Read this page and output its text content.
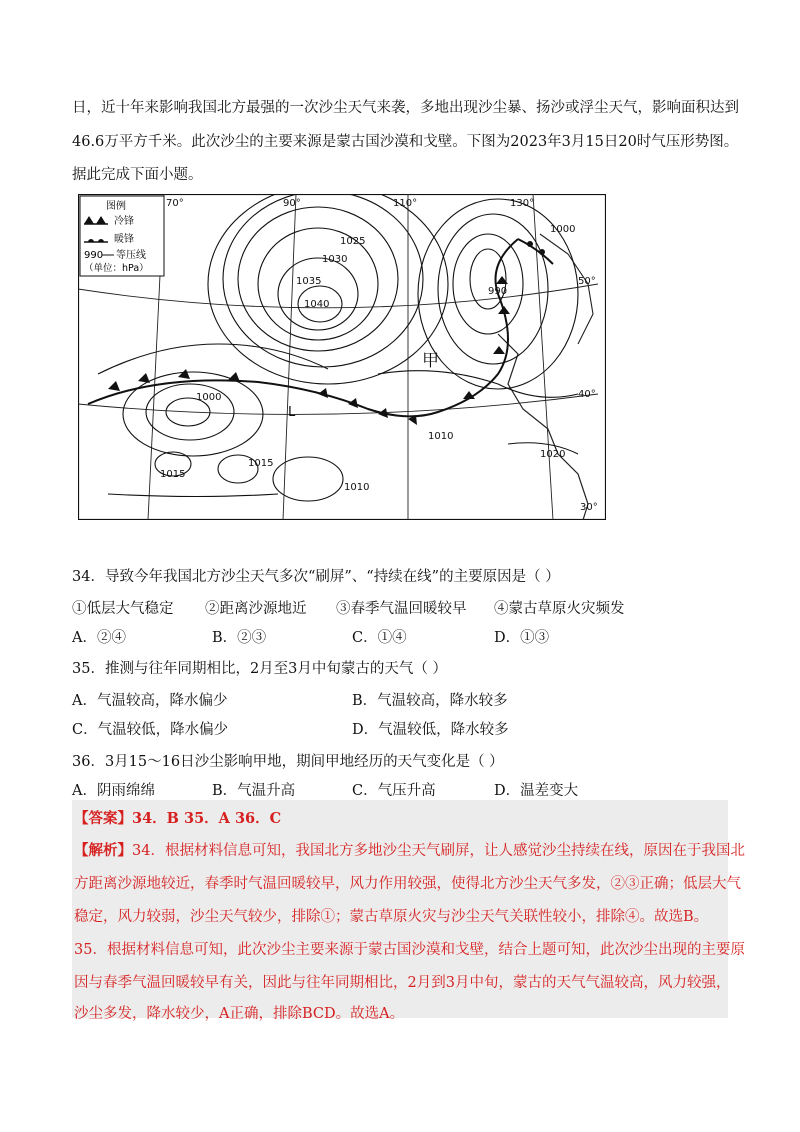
日，近十年来影响我国北方最强的一次沙尘天气来袭，多地出现沙尘暴、扬沙或浮尘天气，影响面积达到
46.6万平方千米。此次沙尘的主要来源是蒙古国沙漠和戈壁。下图为2023年3月15日20时气压形势图。
据此完成下面小题。
图例
冷锋
暖锋
990 等压线
（单位：hPa）
70°	90°	110°	130°
50°
40°
30°
1025
1030
1035
1040
1000
990
1000
1010
1010
1015
1015
1020
L
甲
34．导致今年我国北方沙尘天气多次“刷屏”、“持续在线”的主要原因是（ ）
①低层大气稳定 ②距离沙源地近 ③春季气温回暖较早 ④蒙古草原火灾频发
A．②④	B．②③	C．①④	D．①③
35．推测与往年同期相比，2月至3月中旬蒙古的天气（ ）
A．气温较高，降水偏少	B．气温较高，降水较多
C．气温较低，降水偏少	D．气温较低，降水较多
36．3月15～16日沙尘影响甲地，期间甲地经历的天气变化是（ ）
A．阴雨绵绵	B．气温升高	C．气压升高	D．温差变大
【答案】34．B 35．A 36．C
【解析】34．根据材料信息可知，我国北方多地沙尘天气刷屏，让人感觉沙尘持续在线，原因在于我国北
方距离沙源地较近，春季时气温回暖较早，风力作用较强，使得北方沙尘天气多发，②③正确；低层大气
稳定，风力较弱，沙尘天气较少，排除①；蒙古草原火灾与沙尘天气关联性较小，排除④。故选B。
35．根据材料信息可知，此次沙尘主要来源于蒙古国沙漠和戈壁，结合上题可知，此次沙尘出现的主要原
因与春季气温回暖较早有关，因此与往年同期相比，2月到3月中旬，蒙古的天气气温较高，风力较强，
沙尘多发，降水较少，A正确，排除BCD。故选A。
